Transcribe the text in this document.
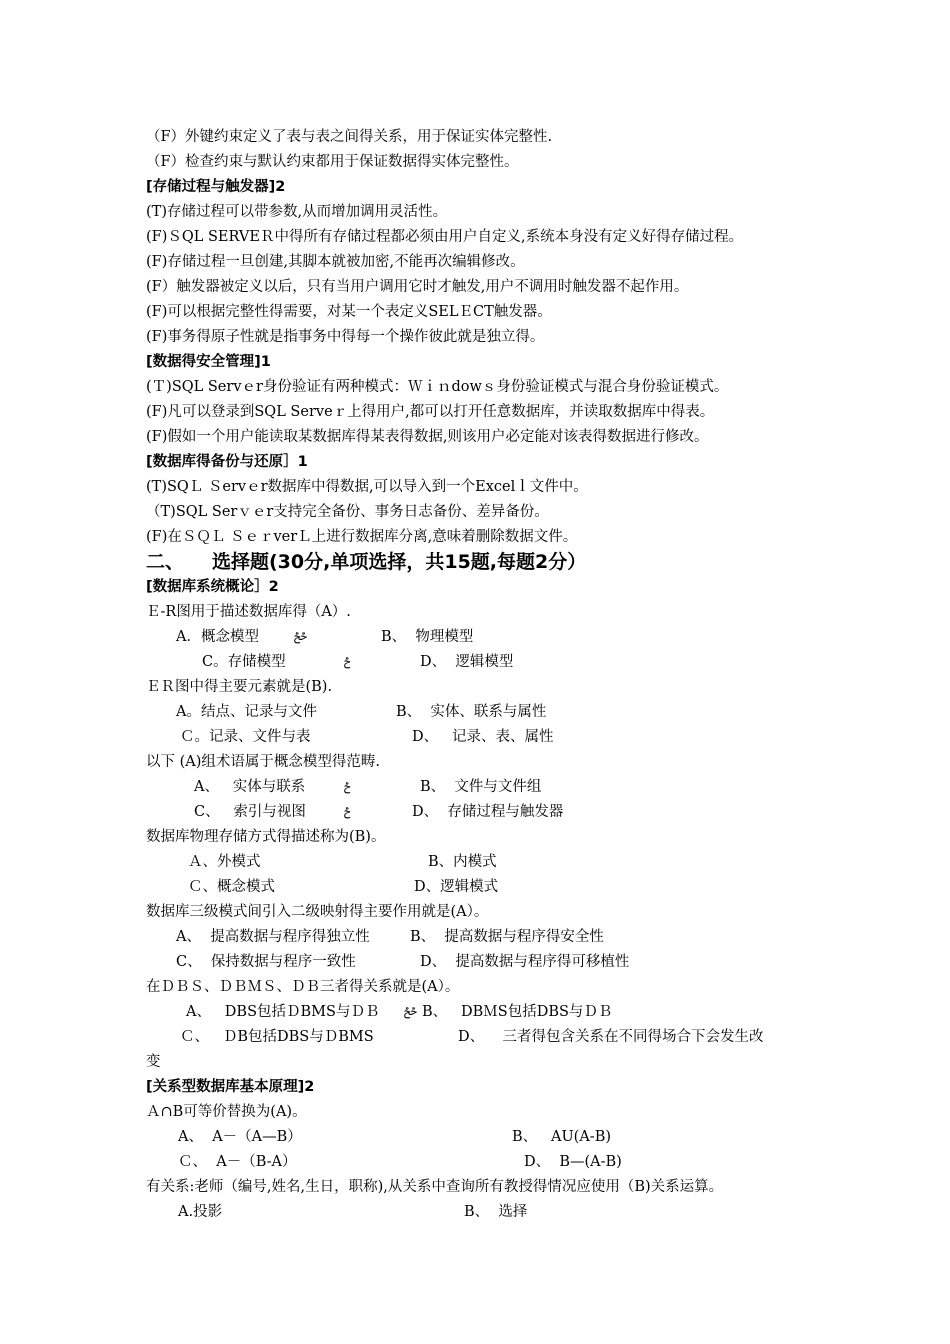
（F）外键约束定义了表与表之间得关系，用于保证实体完整性.
（F）检查约束与默认约束都用于保证数据得实体完整性。
[存储过程与触发器]2
(T)存储过程可以带参数,从而增加调用灵活性。
(F)ＳQL SERVEＲ中得所有存储过程都必须由用户自定义,系统本身没有定义好得存储过程。
(F)存储过程一旦创建,其脚本就被加密,不能再次编辑修改。
(F）触发器被定义以后，只有当用户调用它时才触发,用户不调用时触发器不起作用。
(F)可以根据完整性得需要，对某一个表定义SELＥCT触发器。
(F)事务得原子性就是指事务中得每一个操作彼此就是独立得。
[数据得安全管理]1
(Ｔ)SQL Servｅr身份验证有两种模式：Ｗｉｎdowｓ身份验证模式与混合身份验证模式。
(F)凡可以登录到SQL Serveｒ上得用户,都可以打开任意数据库，并读取数据库中得表。
(F)假如一个用户能读取某数据库得某表得数据,则该用户必定能对该表得数据进行修改。
[数据库得备份与还原］1
(T)SQＬ Ｓervｅr数据库中得数据,可以导入到一个Excelｌ文件中。
（T)SQL Serｖｅr支持完全备份、事务日志备份、差异备份。
(F)在ＳＱＬ ＳｅｒverＬ上进行数据库分离,意味着删除数据文件。
二、 选择题(30分,单项选择，共15题,每题2分）
[数据库系统概论］2
Ｅ-R图用于描述数据库得（A）.
A．概念模型	ݲݲ	B、  物理模型
C。存储模型	ݲ	D、  逻辑模型
ＥＲ图中得主要元素就是(B).
A。结点、记录与文件	B、  实体、联系与属性
Ｃ。记录、文件与表	D、   记录、表、属性
以下 (A)组术语属于概念模型得范畴.
A、   实体与联系	ݲ	B、  文件与文件组
C、   索引与视图	ݲ	D、  存储过程与触发器
数据库物理存储方式得描述称为(B)。
Ａ、外模式	B、内模式
Ｃ、概念模式	D、逻辑模式
数据库三级模式间引入二级映射得主要作用就是(A）。
A、  提高数据与程序得独立性	B、  提高数据与程序得安全性
C、  保持数据与程序一致性	D、  提高数据与程序得可移植性
在ＤＢＳ、ＤＢＭＳ、ＤＢ三者得关系就是(A）。
A、   DBS包括ＤBMS与ＤＢ ݲݲ B、   DBＭS包括DBS与ＤＢ
Ｃ、   ＤB包括DBS与ＤBMS	D、    三者得包含关系在不同得场合下会发生改
变
[关系型数据库基本原理]2
Ａ∩B可等价替换为(A)。
A、  A－（A—B）	B、   AU(A-B)
Ｃ、  A－（B-A）	D、  B—(A-B)
有关系:老师（编号,姓名,生日，职称),从关系中查询所有教授得情况应使用（B)关系运算。
A.投影	B、  选择
